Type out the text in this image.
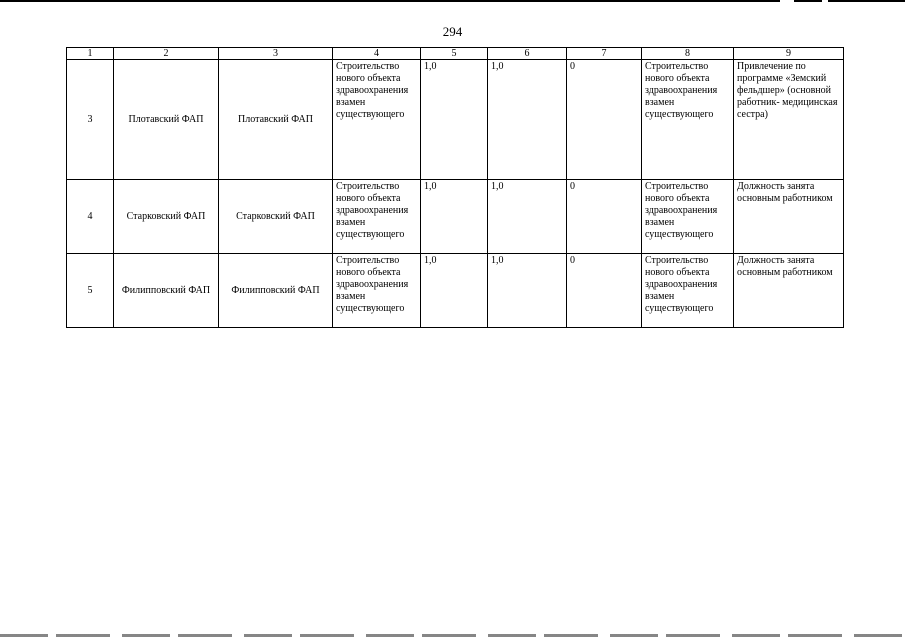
294
1	2	3	4	5	6	7	8	9
3	Плотавский ФАП	Плотавский ФАП	Строительство нового объекта здравоохранения взамен существующего	1,0	1,0	0	Строительство нового объекта здравоохранения взамен существующего	Привлечение по программе «Земский фельдшер» (основной работник- медицинская сестра)
4	Старковский ФАП	Старковский ФАП	Строительство нового объекта здравоохранения взамен существующего	1,0	1,0	0	Строительство нового объекта здравоохранения взамен существующего	Должность занята основным работником
5	Филипповский ФАП	Филипповский ФАП	Строительство нового объекта здравоохранения взамен существующего	1,0	1,0	0	Строительство нового объекта здравоохранения взамен существующего	Должность занята основным работником
